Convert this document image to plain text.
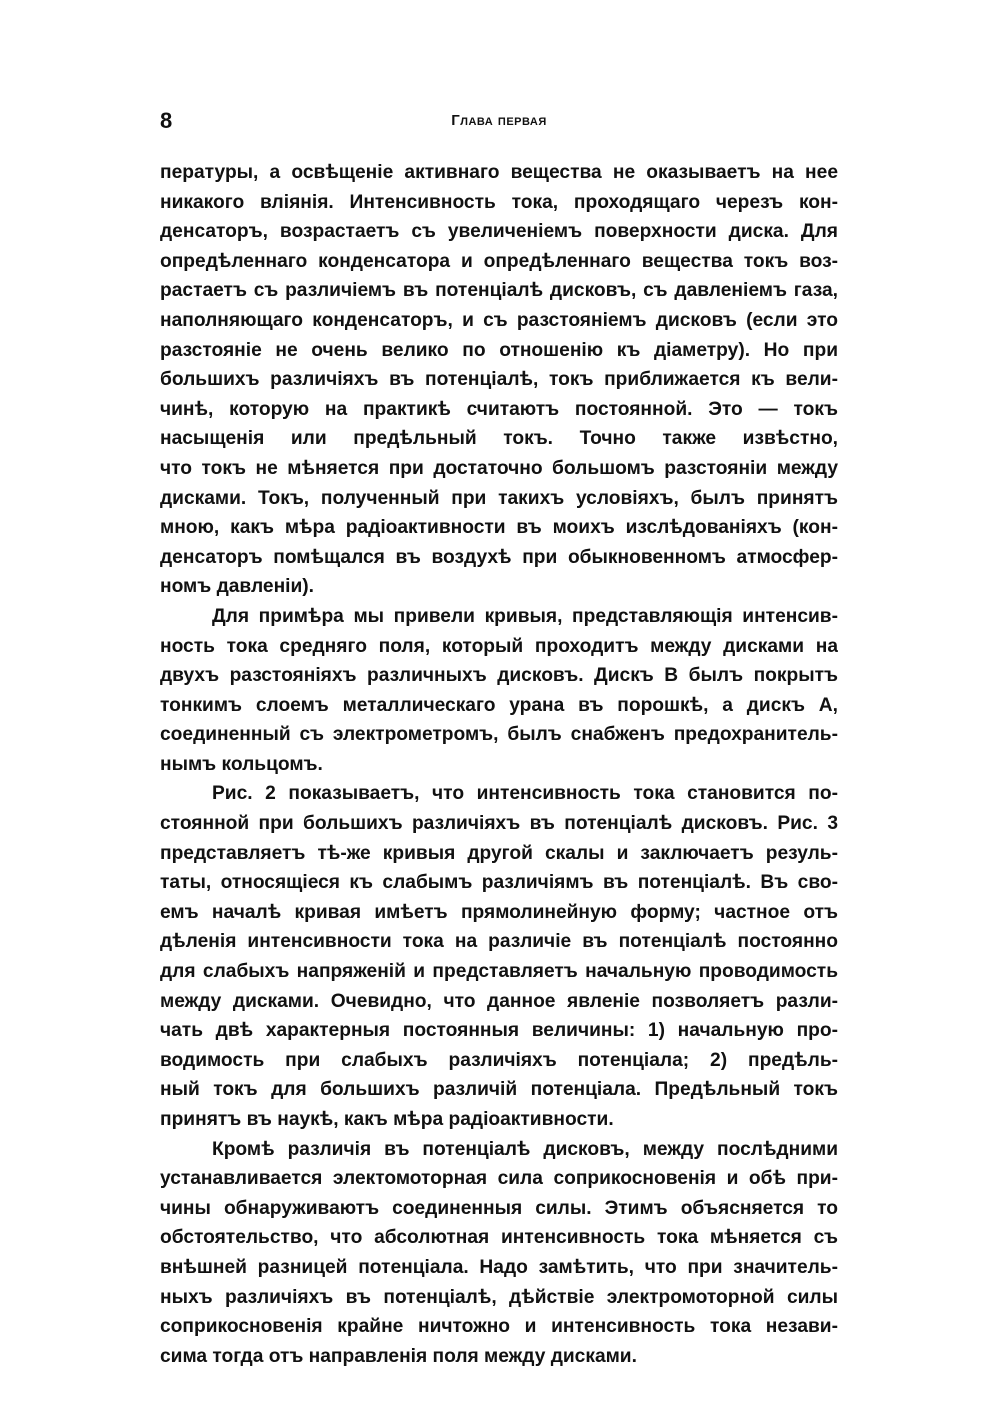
8	Глава первая
пературы, а освѣщеніе активнаго вещества не оказываетъ на нее
никакого вліянія. Интенсивность тока, проходящаго черезъ кон-
денсаторъ, возрастаетъ съ увеличеніемъ поверхности диска. Для
опредѣленнаго конденсатора и опредѣленнаго вещества токъ воз-
растаетъ съ различіемъ въ потенціалѣ дисковъ, съ давленіемъ газа,
наполняющаго конденсаторъ, и съ разстояніемъ дисковъ (если это
разстояніе не очень велико по отношенію къ діаметру). Но при
большихъ различіяхъ въ потенціалѣ, токъ приближается къ вели-
чинѣ, которую на практикѣ считаютъ постоянной. Это — токъ
насыщенія или предѣльный токъ. Точно также извѣстно,
что токъ не мѣняется при достаточно большомъ разстояніи между
дисками. Токъ, полученный при такихъ условіяхъ, былъ принятъ
мною, какъ мѣра радіоактивности въ моихъ изслѣдованіяхъ (кон-
денсаторъ помѣщался въ воздухѣ при обыкновенномъ атмосфер-
номъ давленіи).
Для примѣра мы привели кривыя, представляющія интенсив-
ность тока средняго поля, который проходитъ между дисками на
двухъ разстояніяхъ различныхъ дисковъ. Дискъ B былъ покрытъ
тонкимъ слоемъ металлическаго урана въ порошкѣ, а дискъ A,
соединенный съ электрометромъ, былъ снабженъ предохранитель-
нымъ кольцомъ.
Рис. 2 показываетъ, что интенсивность тока становится по-
стоянной при большихъ различіяхъ въ потенціалѣ дисковъ. Рис. 3
представляетъ тѣ-же кривыя другой скалы и заключаетъ резуль-
таты, относящіеся къ слабымъ различіямъ въ потенціалѣ. Въ сво-
емъ началѣ кривая имѣетъ прямолинейную форму; частное отъ
дѣленія интенсивности тока на различіе въ потенціалѣ постоянно
для слабыхъ напряженій и представляетъ начальную проводимость
между дисками. Очевидно, что данное явленіе позволяетъ разли-
чать двѣ характерныя постоянныя величины: 1) начальную про-
водимость при слабыхъ различіяхъ потенціала; 2) предѣль-
ный токъ для большихъ различій потенціала. Предѣльный токъ
принятъ въ наукѣ, какъ мѣра радіоактивности.
Кромѣ различія въ потенціалѣ дисковъ, между послѣдними
устанавливается электомоторная сила соприкосновенія и обѣ при-
чины обнаруживаютъ соединенныя силы. Этимъ объясняется то
обстоятельство, что абсолютная интенсивность тока мѣняется съ
внѣшней разницей потенціала. Надо замѣтить, что при значитель-
ныхъ различіяхъ въ потенціалѣ, дѣйствіе электромоторной силы
соприкосновенія крайне ничтожно и интенсивность тока незави-
сима тогда отъ направленія поля между дисками.
